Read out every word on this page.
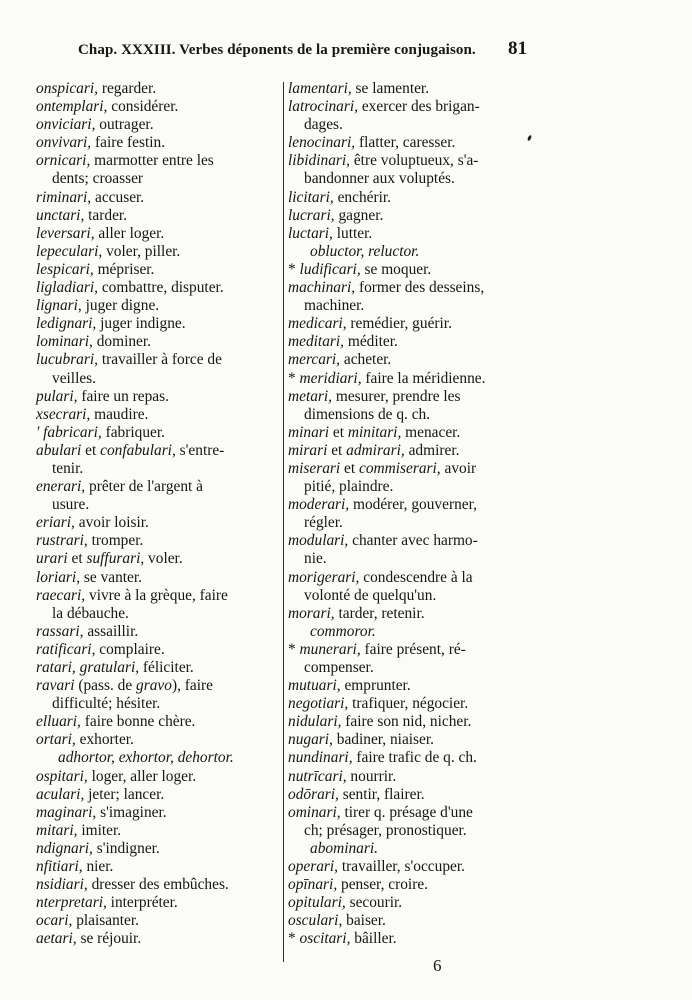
Chap. XXXIII. Verbes déponents de la première conjugaison. 81
onspicari, regarder.
ontemplari, considérer.
onviciari, outrager.
onvivari, faire festin.
ornicari, marmotter entre les
dents; croasser
riminari, accuser.
unctari, tarder.
leversari, aller loger.
lepeculari, voler, piller.
lespicari, mépriser.
ligladiari, combattre, disputer.
lignari, juger digne.
ledignari, juger indigne.
lominari, dominer.
lucubrari, travailler à force de
veilles.
pulari, faire un repas.
xsecrari, maudire.
' fabricari, fabriquer.
abulari et confabulari, s'entre-
tenir.
enerari, prêter de l'argent à
usure.
eriari, avoir loisir.
rustrari, tromper.
urari et suffurari, voler.
loriari, se vanter.
raecari, vivre à la grèque, faire
la débauche.
rassari, assaillir.
ratificari, complaire.
ratari, gratulari, féliciter.
ravari (pass. de gravo), faire
difficulté; hésiter.
elluari, faire bonne chère.
ortari, exhorter.
adhortor, exhortor, dehortor.
ospitari, loger, aller loger.
aculari, jeter; lancer.
maginari, s'imaginer.
mitari, imiter.
ndignari, s'indigner.
nfitiari, nier.
nsidiari, dresser des embûches.
nterpretari, interpréter.
ocari, plaisanter.
aetari, se réjouir.
lamentari, se lamenter.
latrocinari, exercer des brigan-
dages.
lenocinari, flatter, caresser.
libidinari, être voluptueux, s'a-
bandonner aux voluptés.
licitari, enchérir.
lucrari, gagner.
luctari, lutter.
obluctor, reluctor.
* ludificari, se moquer.
machinari, former des desseins,
machiner.
medicari, remédier, guérir.
meditari, méditer.
mercari, acheter.
* meridiari, faire la méridienne.
metari, mesurer, prendre les
dimensions de q. ch.
minari et minitari, menacer.
mirari et admirari, admirer.
miserari et commiserari, avoir
pitié, plaindre.
moderari, modérer, gouverner,
régler.
modulari, chanter avec harmo-
nie.
morigerari, condescendre à la
volonté de quelqu'un.
morari, tarder, retenir.
commoror.
* munerari, faire présent, ré-
compenser.
mutuari, emprunter.
negotiari, trafiquer, négocier.
nidulari, faire son nid, nicher.
nugari, badiner, niaiser.
nundinari, faire trafic de q. ch.
nutrīcari, nourrir.
odōrari, sentir, flairer.
ominari, tirer q. présage d'une
ch; présager, pronostiquer.
abominari.
operari, travailler, s'occuper.
opīnari, penser, croire.
opitulari, secourir.
osculari, baiser.
* oscitari, bâiller.
6
